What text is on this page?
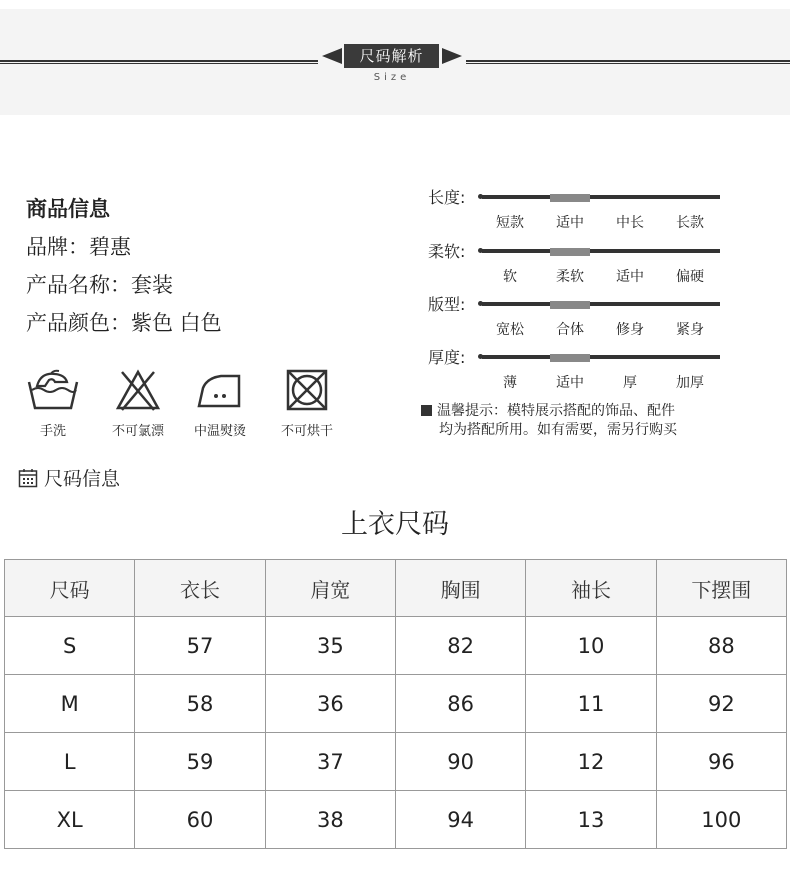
尺码解析
Size
商品信息
品牌：碧惠
产品名称：套装
产品颜色：紫色 白色
手洗	不可氯漂	中温熨烫	不可烘干
长度:
短款	适中	中长	长款
柔软:
软	柔软	适中	偏硬
版型:
宽松	合体	修身	紧身
厚度:
薄	适中	厚	加厚
温馨提示：模特展示搭配的饰品、配件
均为搭配所用。如有需要，需另行购买
尺码信息
上衣尺码
尺码	衣长	肩宽	胸围	袖长	下摆围
S	57	35	82	10	88
M	58	36	86	11	92
L	59	37	90	12	96
XL	60	38	94	13	100
